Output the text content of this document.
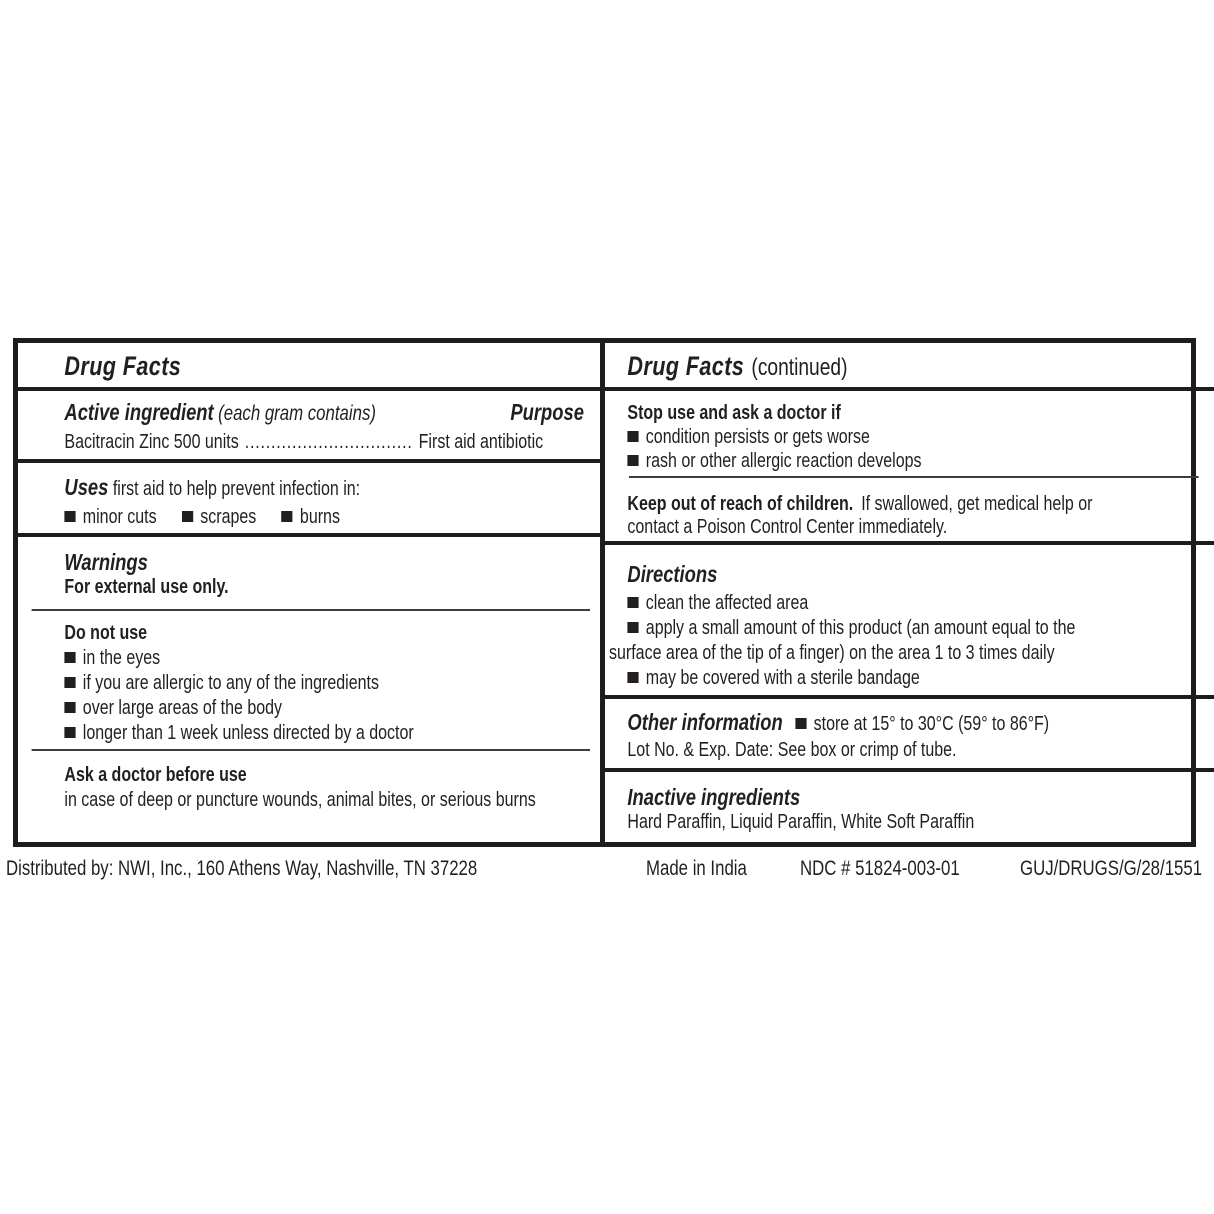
Drug Facts
Active ingredient (each gram contains)	Purpose
Bacitracin Zinc 500 units ................................ First aid antibiotic
Uses first aid to help prevent infection in:
minor cuts scrapes burns
Warnings
For external use only.
Do not use
in the eyes
if you are allergic to any of the ingredients
over large areas of the body
longer than 1 week unless directed by a doctor
Ask a doctor before use
in case of deep or puncture wounds, animal bites, or serious burns
Drug Facts (continued)
Stop use and ask a doctor if
condition persists or gets worse
rash or other allergic reaction develops
Keep out of reach of children. If swallowed, get medical help or
contact a Poison Control Center immediately.
Directions
clean the affected area
apply a small amount of this product (an amount equal to the
surface area of the tip of a finger) on the area 1 to 3 times daily
may be covered with a sterile bandage
Other information store at 15° to 30°C (59° to 86°F)
Lot No. & Exp. Date: See box or crimp of tube.
Inactive ingredients
Hard Paraffin, Liquid Paraffin, White Soft Paraffin
Distributed by: NWI, Inc., 160 Athens Way, Nashville, TN 37228	Made in India	NDC # 51824-003-01	GUJ/DRUGS/G/28/1551
